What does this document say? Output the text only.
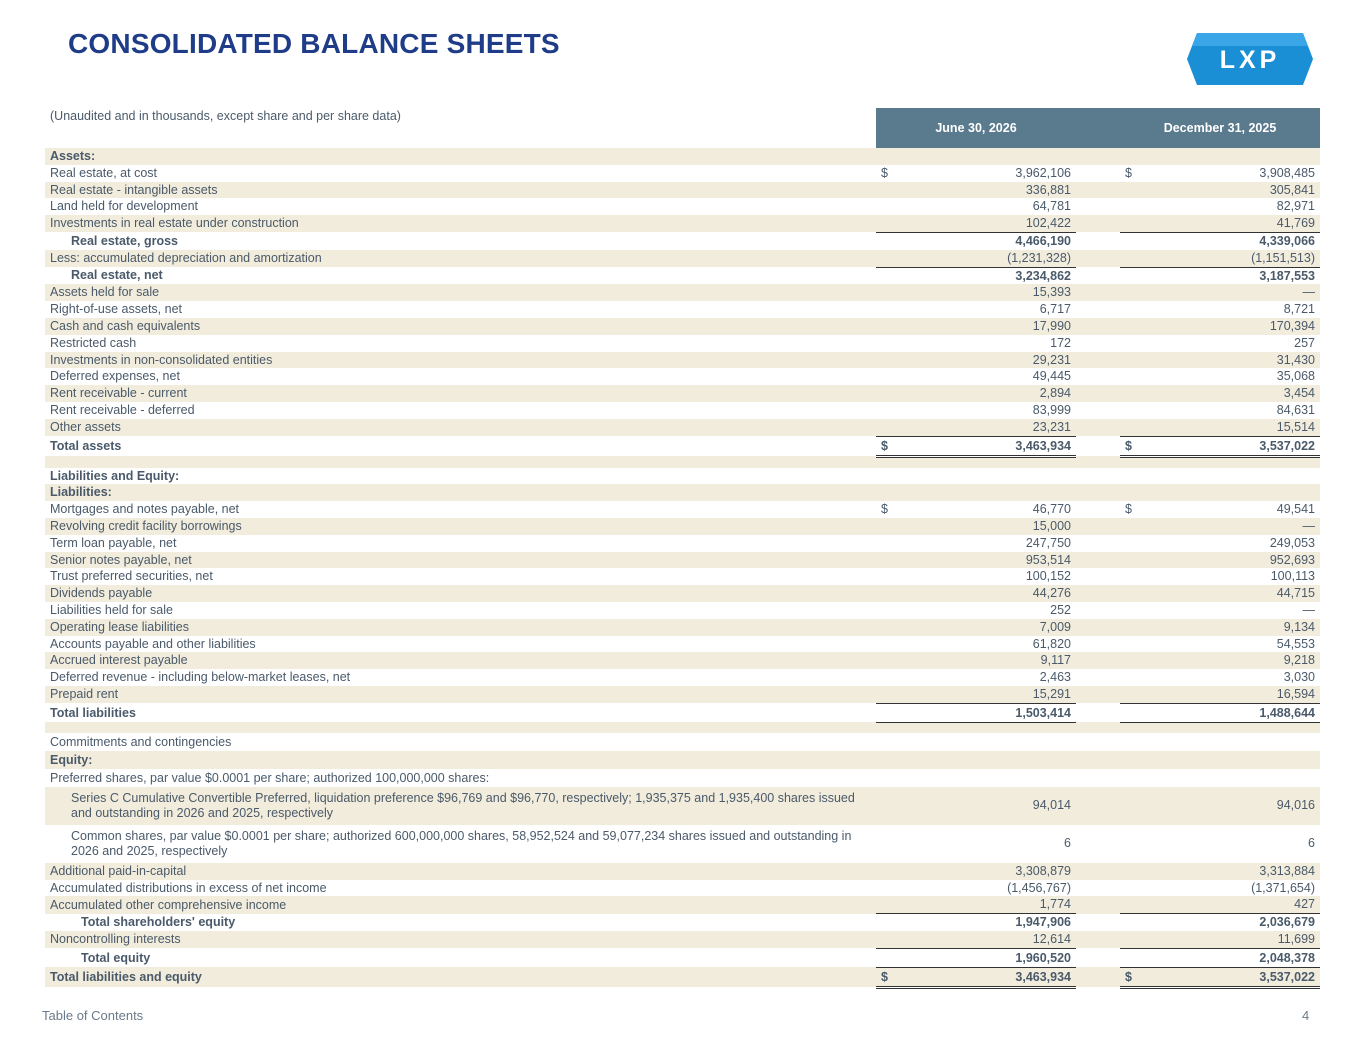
CONSOLIDATED BALANCE SHEETS
LXP
(Unaudited and in thousands, except share and per share data)		June 30, 2026			December 31, 2025	
Assets:						
Real estate, at cost		$	3,962,106		$	3,908,485
Real estate - intangible assets			336,881			305,841
Land held for development			64,781			82,971
Investments in real estate under construction			102,422			41,769
Real estate, gross			4,466,190			4,339,066
Less: accumulated depreciation and amortization			(1,231,328)			(1,151,513)
Real estate, net			3,234,862			3,187,553
Assets held for sale			15,393			—
Right-of-use assets, net			6,717			8,721
Cash and cash equivalents			17,990			170,394
Restricted cash			172			257
Investments in non-consolidated entities			29,231			31,430
Deferred expenses, net			49,445			35,068
Rent receivable - current			2,894			3,454
Rent receivable - deferred			83,999			84,631
Other assets			23,231			15,514
Total assets		$	3,463,934		$	3,537,022

Liabilities and Equity:						
Liabilities:						
Mortgages and notes payable, net		$	46,770		$	49,541
Revolving credit facility borrowings			15,000			—
Term loan payable, net			247,750			249,053
Senior notes payable, net			953,514			952,693
Trust preferred securities, net			100,152			100,113
Dividends payable			44,276			44,715
Liabilities held for sale			252			—
Operating lease liabilities			7,009			9,134
Accounts payable and other liabilities			61,820			54,553
Accrued interest payable			9,117			9,218
Deferred revenue - including below-market leases, net			2,463			3,030
Prepaid rent			15,291			16,594
Total liabilities			1,503,414			1,488,644

Commitments and contingencies						
Equity:						
Preferred shares, par value $0.0001 per share; authorized 100,000,000 shares:						
Series C Cumulative Convertible Preferred, liquidation preference $96,769 and $96,770, respectively; 1,935,375 and 1,935,400 shares issued and outstanding in 2026 and 2025, respectively			94,014			94,016
Common shares, par value $0.0001 per share; authorized 600,000,000 shares, 58,952,524 and 59,077,234 shares issued and outstanding in 2026 and 2025, respectively			6			6
Additional paid-in-capital			3,308,879			3,313,884
Accumulated distributions in excess of net income			(1,456,767)			(1,371,654)
Accumulated other comprehensive income			1,774			427
Total shareholders' equity			1,947,906			2,036,679
Noncontrolling interests			12,614			11,699
Total equity			1,960,520			2,048,378
Total liabilities and equity		$	3,463,934		$	3,537,022
Table of Contents	4
